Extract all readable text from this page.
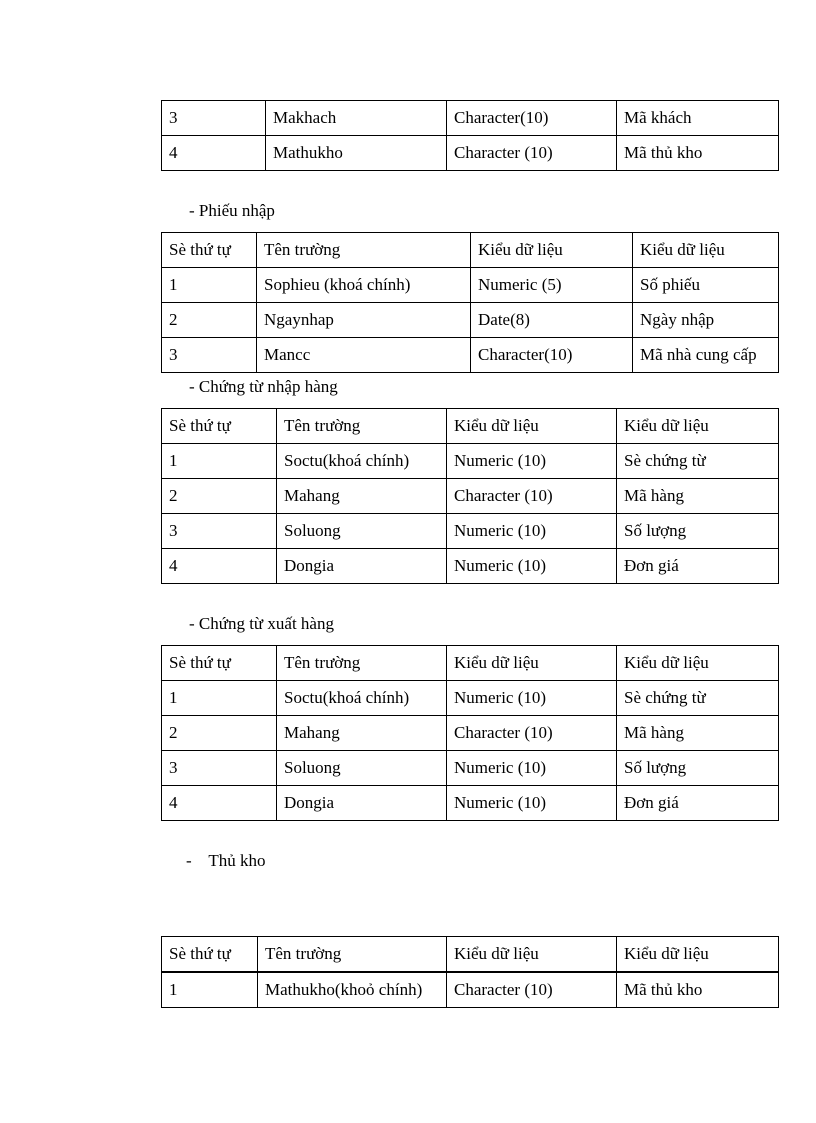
3	Makhach	Character(10)	Mã khách
4	Mathukho	Character (10)	Mã thủ kho
- Phiếu nhập
Sè thứ tự	Tên trường	Kiểu dữ liệu	Kiểu dữ liệu
1	Sophieu (khoá chính)	Numeric (5)	Số phiếu
2	Ngaynhap	Date(8)	Ngày nhập
3	Mancc	Character(10)	Mã nhà cung cấp
- Chứng từ nhập hàng
Sè thứ tự	Tên trường	Kiểu dữ liệu	Kiểu dữ liệu
1	Soctu(khoá chính)	Numeric (10)	Sè chứng từ
2	Mahang	Character (10)	Mã hàng
3	Soluong	Numeric (10)	Số lượng
4	Dongia	Numeric (10)	Đơn giá
- Chứng từ xuất hàng
Sè thứ tự	Tên trường	Kiểu dữ liệu	Kiểu dữ liệu
1	Soctu(khoá chính)	Numeric (10)	Sè chứng từ
2	Mahang	Character (10)	Mã hàng
3	Soluong	Numeric (10)	Số lượng
4	Dongia	Numeric (10)	Đơn giá
-    Thủ kho
Sè thứ tự	Tên trường	Kiểu dữ liệu	Kiểu dữ liệu
1	Mathukho(khoỏ chính)	Character (10)	Mã thủ kho
